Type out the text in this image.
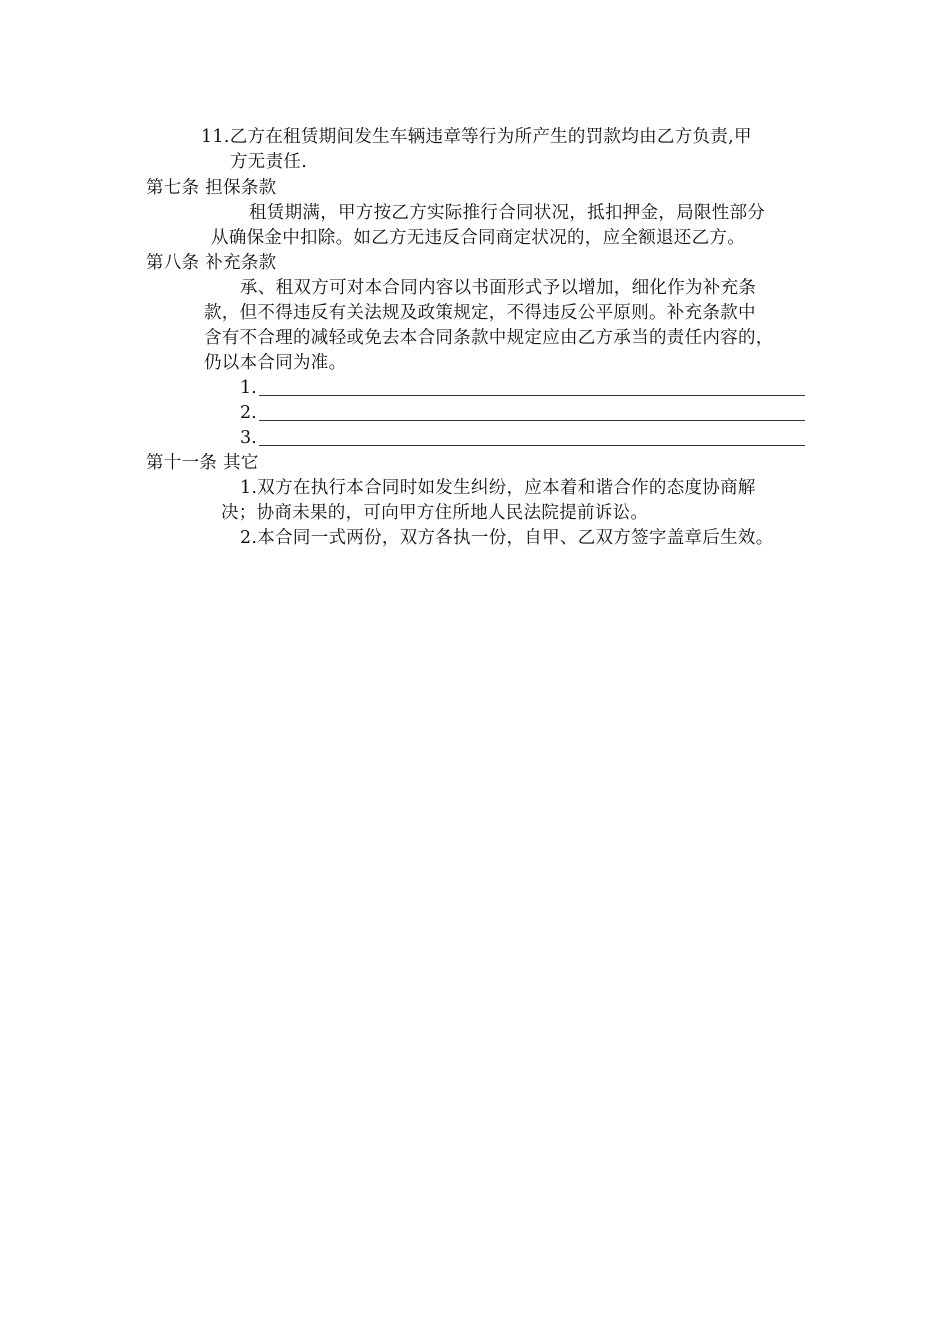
11.乙方在租赁期间发生车辆违章等行为所产生的罚款均由乙方负责,甲
方无责任.
第七条 担保条款
租赁期满，甲方按乙方实际推行合同状况，抵扣押金，局限性部分
从确保金中扣除。如乙方无违反合同商定状况的，应全额退还乙方。
第八条 补充条款
承、租双方可对本合同内容以书面形式予以增加，细化作为补充条
款，但不得违反有关法规及政策规定，不得违反公平原则。补充条款中
含有不合理的减轻或免去本合同条款中规定应由乙方承当的责任内容的，
仍以本合同为准。
1.
2.
3.
第十一条 其它
1.双方在执行本合同时如发生纠纷，应本着和谐合作的态度协商解
决；协商未果的，可向甲方住所地人民法院提前诉讼。
2.本合同一式两份，双方各执一份，自甲、乙双方签字盖章后生效。
